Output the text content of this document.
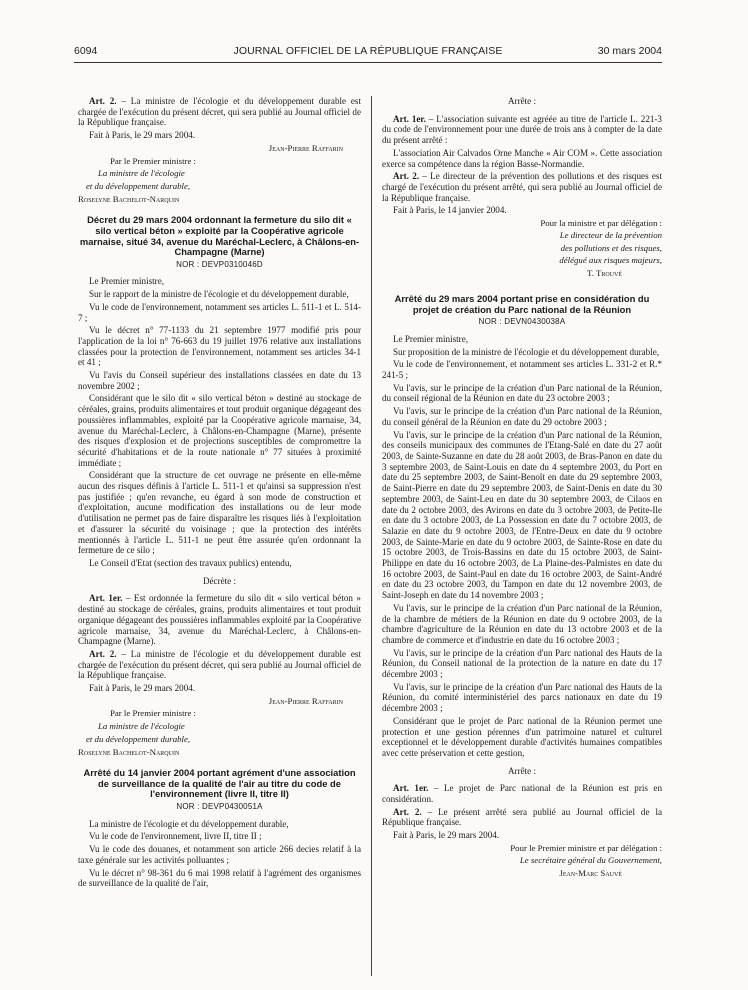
6094	JOURNAL OFFICIEL DE LA RÉPUBLIQUE FRANÇAISE	30 mars 2004

Art. 2. – La ministre de l'écologie et du développement durable est chargée de l'exécution du présent décret, qui sera publié au Journal officiel de la République française.

Fait à Paris, le 29 mars 2004.

Jean-Pierre Raffarin

Par le Premier ministre :

La ministre de l'écologie

et du développement durable,

Roselyne Bachelot-Narquin

Décret du 29 mars 2004 ordonnant la fermeture du silo dit « silo vertical béton » exploité par la Coopérative agricole marnaise, situé 34, avenue du Maréchal-Leclerc, à Châlons-en-Champagne (Marne)

NOR : DEVP0310046D

Le Premier ministre,

Sur le rapport de la ministre de l'écologie et du développement durable,

Vu le code de l'environnement, notamment ses articles L. 511-1 et L. 514-7 ;

Vu le décret n° 77-1133 du 21 septembre 1977 modifié pris pour l'application de la loi n° 76-663 du 19 juillet 1976 relative aux installations classées pour la protection de l'environnement, notamment ses articles 34-1 et 41 ;

Vu l'avis du Conseil supérieur des installations classées en date du 13 novembre 2002 ;

Considérant que le silo dit « silo vertical béton » destiné au stockage de céréales, grains, produits alimentaires et tout produit organique dégageant des poussières inflammables, exploité par la Coopérative agricole marnaise, 34, avenue du Maréchal-Leclerc, à Châlons-en-Champagne (Marne), présente des risques d'explosion et de projections susceptibles de compromettre la sécurité d'habitations et de la route nationale n° 77 situées à proximité immédiate ;

Considérant que la structure de cet ouvrage ne présente en elle-même aucun des risques définis à l'article L. 511-1 et qu'ainsi sa suppression n'est pas justifiée ; qu'en revanche, eu égard à son mode de construction et d'exploitation, aucune modification des installations ou de leur mode d'utilisation ne permet pas de faire disparaître les risques liés à l'exploitation et d'assurer la sécurité du voisinage ; que la protection des intérêts mentionnés à l'article L. 511-1 ne peut être assurée qu'en ordonnant la fermeture de ce silo ;

Le Conseil d'Etat (section des travaux publics) entendu,

Décrète :

Art. 1er. – Est ordonnée la fermeture du silo dit « silo vertical béton » destiné au stockage de céréales, grains, produits alimentaires et tout produit organique dégageant des poussières inflammables exploité par la Coopérative agricole marnaise, 34, avenue du Maréchal-Leclerc, à Châlons-en-Champagne (Marne).

Art. 2. – La ministre de l'écologie et du développement durable est chargée de l'exécution du présent décret, qui sera publié au Journal officiel de la République française.

Fait à Paris, le 29 mars 2004.

Jean-Pierre Raffarin

Par le Premier ministre :

La ministre de l'écologie

et du développement durable,

Roselyne Bachelot-Narquin

Arrêté du 14 janvier 2004 portant agrément d'une association de surveillance de la qualité de l'air au titre du code de l'environnement (livre II, titre II)

NOR : DEVP0430051A

La ministre de l'écologie et du développement durable,

Vu le code de l'environnement, livre II, titre II ;

Vu le code des douanes, et notamment son article 266 decies relatif à la taxe générale sur les activités polluantes ;

Vu le décret n° 98-361 du 6 mai 1998 relatif à l'agrément des organismes de surveillance de la qualité de l'air,

Arrête :

Art. 1er. – L'association suivante est agréée au titre de l'article L. 221-3 du code de l'environnement pour une durée de trois ans à compter de la date du présent arrêté :

L'association Air Calvados Orne Manche « Air COM ». Cette association exerce sa compétence dans la région Basse-Normandie.

Art. 2. – Le directeur de la prévention des pollutions et des risques est chargé de l'exécution du présent arrêté, qui sera publié au Journal officiel de la République française.

Fait à Paris, le 14 janvier 2004.

Pour la ministre et par délégation :

Le directeur de la prévention

des pollutions et des risques,

délégué aux risques majeurs,

T. Trouvé

Arrêté du 29 mars 2004 portant prise en considération du projet de création du Parc national de la Réunion

NOR : DEVN0430038A

Le Premier ministre,

Sur proposition de la ministre de l'écologie et du développement durable,

Vu le code de l'environnement, et notamment ses articles L. 331-2 et R.* 241-5 ;

Vu l'avis, sur le principe de la création d'un Parc national de la Réunion, du conseil régional de la Réunion en date du 23 octobre 2003 ;

Vu l'avis, sur le principe de la création d'un Parc national de la Réunion, du conseil général de la Réunion en date du 29 octobre 2003 ;

Vu l'avis, sur le principe de la création d'un Parc national de la Réunion, des conseils municipaux des communes de l'Etang-Salé en date du 27 août 2003, de Sainte-Suzanne en date du 28 août 2003, de Bras-Panon en date du 3 septembre 2003, de Saint-Louis en date du 4 septembre 2003, du Port en date du 25 septembre 2003, de Saint-Benoît en date du 29 septembre 2003, de Saint-Pierre en date du 29 septembre 2003, de Saint-Denis en date du 30 septembre 2003, de Saint-Leu en date du 30 septembre 2003, de Cilaos en date du 2 octobre 2003, des Avirons en date du 3 octobre 2003, de Petite-Ile en date du 3 octobre 2003, de La Possession en date du 7 octobre 2003, de Salazie en date du 9 octobre 2003, de l'Entre-Deux en date du 9 octobre 2003, de Sainte-Marie en date du 9 octobre 2003, de Sainte-Rose en date du 15 octobre 2003, de Trois-Bassins en date du 15 octobre 2003, de Saint-Philippe en date du 16 octobre 2003, de La Plaine-des-Palmistes en date du 16 octobre 2003, de Saint-Paul en date du 16 octobre 2003, de Saint-André en date du 23 octobre 2003, du Tampon en date du 12 novembre 2003, de Saint-Joseph en date du 14 novembre 2003 ;

Vu l'avis, sur le principe de la création d'un Parc national de la Réunion, de la chambre de métiers de la Réunion en date du 9 octobre 2003, de la chambre d'agriculture de la Réunion en date du 13 octobre 2003 et de la chambre de commerce et d'industrie en date du 16 octobre 2003 ;

Vu l'avis, sur le principe de la création d'un Parc national des Hauts de la Réunion, du Conseil national de la protection de la nature en date du 17 décembre 2003 ;

Vu l'avis, sur le principe de la création d'un Parc national des Hauts de la Réunion, du comité interministériel des parcs nationaux en date du 19 décembre 2003 ;

Considérant que le projet de Parc national de la Réunion permet une protection et une gestion pérennes d'un patrimoine naturel et culturel exceptionnel et le développement durable d'activités humaines compatibles avec cette préservation et cette gestion,

Arrête :

Art. 1er. – Le projet de Parc national de la Réunion est pris en considération.

Art. 2. – Le présent arrêté sera publié au Journal officiel de la République française.

Fait à Paris, le 29 mars 2004.

Pour le Premier ministre et par délégation :

Le secrétaire général du Gouvernement,

Jean-Marc Sauvé
